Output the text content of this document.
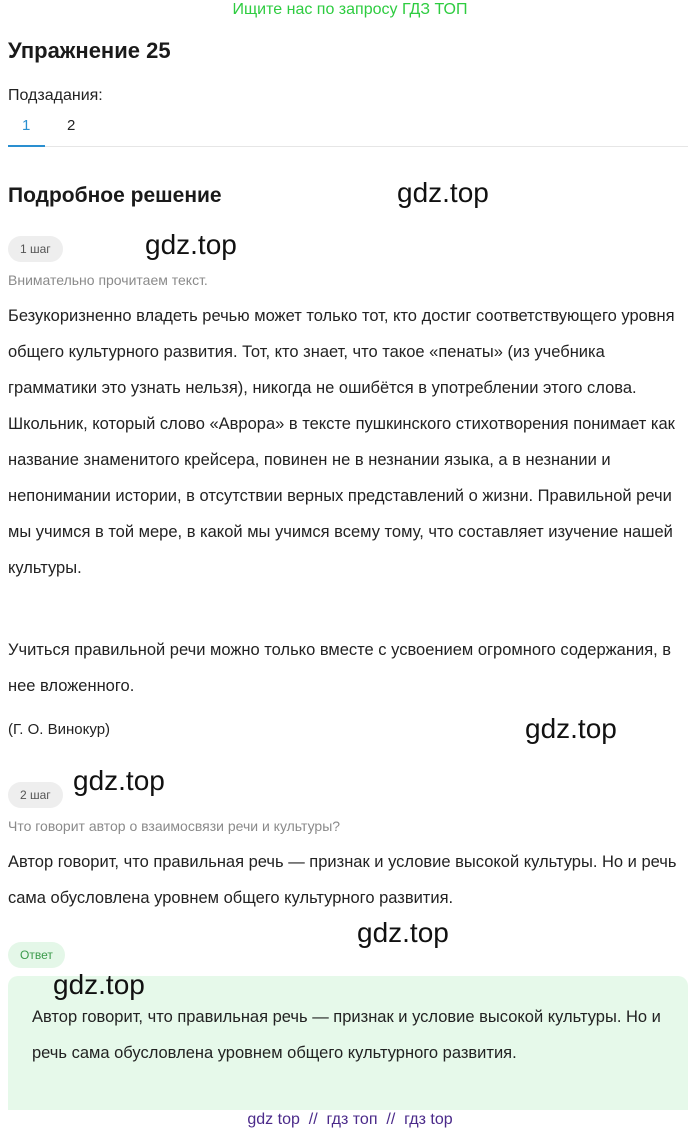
Ищите нас по запросу ГДЗ ТОП
Упражнение 25
Подзадания:
1 2
Подробное решение	gdz.top
1 шаг	gdz.top
Внимательно прочитаем текст.
Безукоризненно владеть речью может только тот, кто достиг соответствующего уровня общего культурного развития. Тот, кто знает, что такое «пенаты» (из учебника грамматики это узнать нельзя), никогда не ошибётся в употреблении этого слова. Школьник, который слово «Аврора» в тексте пушкинского стихотворения понимает как название знаменитого крейсера, повинен не в незнании языка, а в незнании и непонимании истории, в отсутствии верных представлений о жизни. Правильной речи мы учимся в той мере, в какой мы учимся всему тому, что составляет изучение нашей культуры.
Учиться правильной речи можно только вместе с усвоением огромного содержания, в нее вложенного.
(Г. О. Винокур)	gdz.top
2 шаг gdz.top
Что говорит автор о взаимосвязи речи и культуры?
Автор говорит, что правильная речь — признак и условие высокой культуры. Но и речь сама обусловлена уровнем общего культурного развития.
Ответ
gdz.top
gdz.top
Автор говорит, что правильная речь — признак и условие высокой культуры. Но и речь сама обусловлена уровнем общего культурного развития.
gdz top  //  гдз топ  //  гдз top
